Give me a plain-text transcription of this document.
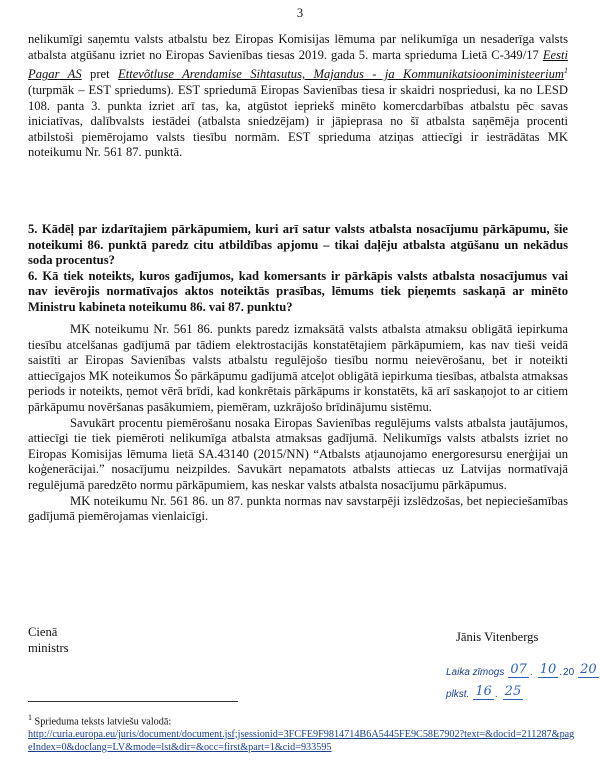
3

nelikumīgi saņemtu valsts atbalstu bez Eiropas Komisijas lēmuma par nelikumīga un nesaderīga valsts atbalsta atgūšanu izriet no Eiropas Savienības tiesas 2019. gada 5. marta sprieduma Lietā C-349/17 Eesti Pagar AS pret Ettevõtluse Arendamise Sihtasutus, Majandus - ja Kommunikatsiooniministeerium$^1$ (turpmāk – EST spriedums). EST spriedumā Eiropas Savienības tiesa ir skaidri nospriedusi, ka no LESD 108. panta 3. punkta izriet arī tas, ka, atgūstot iepriekš minēto komercdarbības atbalstu pēc savas iniciatīvas, dalībvalsts iestādei (atbalsta sniedzējam) ir jāpieprasa no šī atbalsta saņēmēja procenti atbilstoši piemērojamo valsts tiesību normām. EST sprieduma atziņas attiecīgi ir iestrādātas MK noteikumu Nr. 561 87. punktā.

5. Kādēļ par izdarītajiem pārkāpumiem, kuri arī satur valsts atbalsta nosacījumu pārkāpumu, šie noteikumi 86. punktā paredz citu atbildības apjomu – tikai daļēju atbalsta atgūšanu un nekādus soda procentus?

6. Kā tiek noteikts, kuros gadījumos, kad komersants ir pārkāpis valsts atbalsta nosacījumus vai nav ievērojis normatīvajos aktos noteiktās prasības, lēmums tiek pieņemts saskaņā ar minēto Ministru kabineta noteikumu 86. vai 87. punktu?

MK noteikumu Nr. 561 86. punkts paredz izmaksātā valsts atbalsta atmaksu obligātā iepirkuma tiesību atcelšanas gadījumā par tādiem elektrostacijās konstatētajiem pārkāpumiem, kas nav tieši veidā saistīti ar Eiropas Savienības valsts atbalstu regulējošo tiesību normu neievērošanu, bet ir noteikti attiecīgajos MK noteikumos Šo pārkāpumu gadījumā atceļot obligātā iepirkuma tiesības, atbalsta atmaksas periods ir noteikts, ņemot vērā brīdi, kad konkrētais pārkāpums ir konstatēts, kā arī saskaņojot to ar citiem pārkāpumu novēršanas pasākumiem, piemēram, uzkrājošo brīdinājumu sistēmu.

Savukārt procentu piemērošanu nosaka Eiropas Savienības regulējums valsts atbalsta jautājumos, attiecīgi tie tiek piemēroti nelikumīga atbalsta atmaksas gadījumā. Nelikumīgs valsts atbalsts izriet no Eiropas Komisijas lēmuma lietā SA.43140 (2015/NN) “Atbalsts atjaunojamo energoresursu enerģijai un koģenerācijai.” nosacījumu neizpildes. Savukārt nepamatots atbalsts attiecas uz Latvijas normatīvajā regulējumā paredzēto normu pārkāpumiem, kas neskar valsts atbalsta nosacījumu pārkāpumus.

MK noteikumu Nr. 561 86. un 87. punkta normas nav savstarpēji izslēdzošas, bet nepieciešamības gadījumā piemērojamas vienlaicīgi.

Cienā
ministrs
Jānis Vitenbergs
Laika zīmogs 07 . 10 . 20 20
plkst. 16 . 25
$^1$ Sprieduma teksts latviešu valodā:
http://curia.europa.eu/juris/document/document.jsf;jsessionid=3FCFE9F9814714B6A5445FE9C58E7902?text=&docid=211287&pageIndex=0&doclang=LV&mode=lst&dir=&occ=first&part=1&cid=933595
